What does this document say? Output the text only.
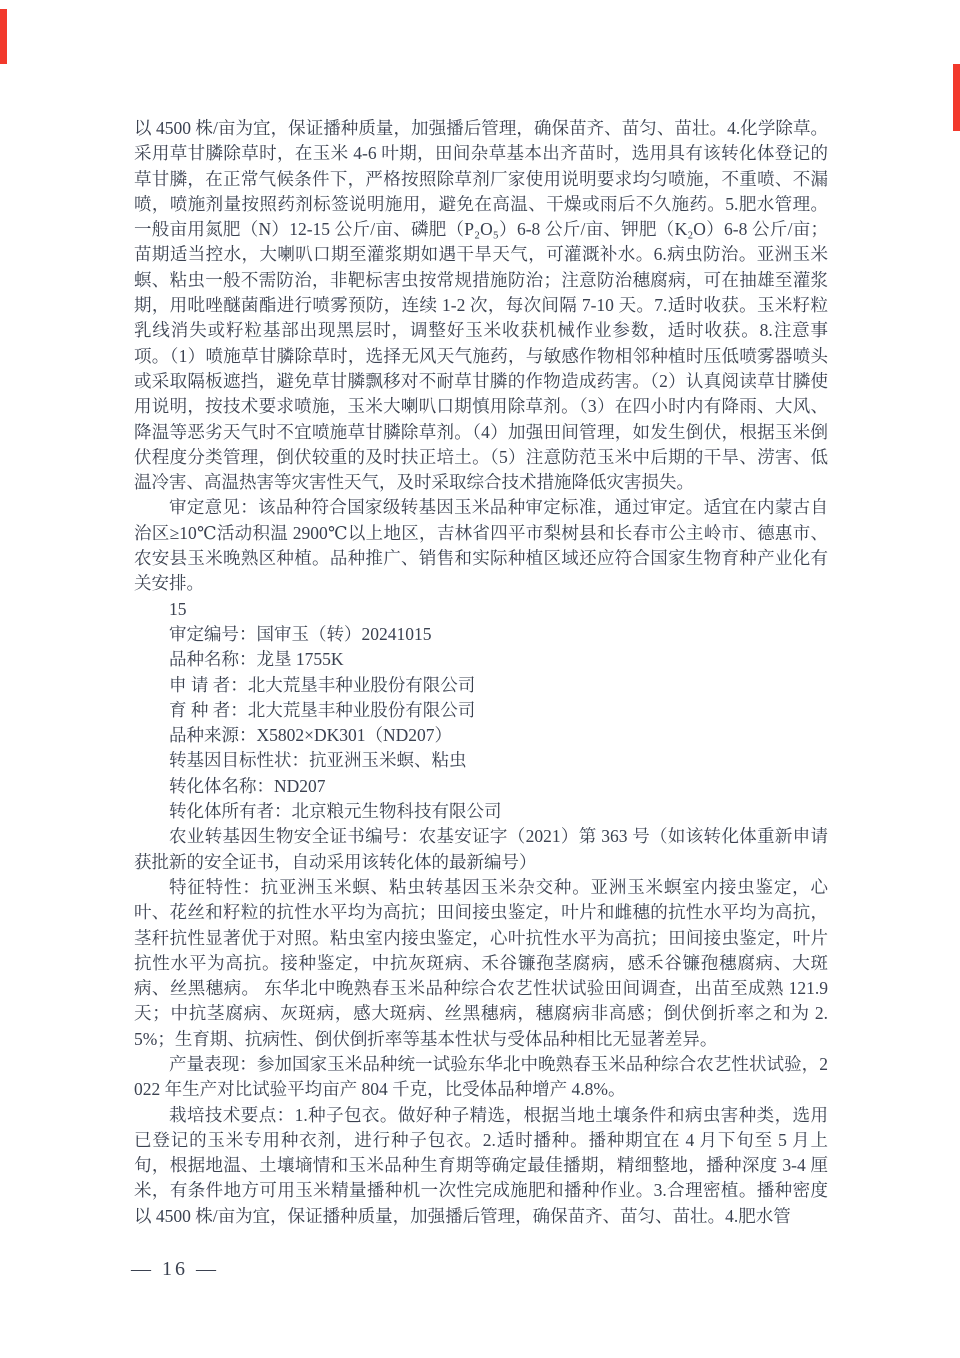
以 4500 株/亩为宜，保证播种质量，加强播后管理，确保苗齐、苗匀、苗壮。4.化学除草。采用草甘膦除草时，在玉米 4-6 叶期，田间杂草基本出齐苗时，选用具有该转化体登记的草甘膦，在正常气候条件下，严格按照除草剂厂家使用说明要求均匀喷施，不重喷、不漏喷，喷施剂量按照药剂标签说明施用，避免在高温、干燥或雨后不久施药。5.肥水管理。一般亩用氮肥（N）12-15 公斤/亩、磷肥（P₂O₅）6-8 公斤/亩、钾肥（K₂O）6-8 公斤/亩；苗期适当控水，大喇叭口期至灌浆期如遇干旱天气，可灌溉补水。6.病虫防治。亚洲玉米螟、粘虫一般不需防治，非靶标害虫按常规措施防治；注意防治穗腐病，可在抽雄至灌浆期，用吡唑醚菌酯进行喷雾预防，连续 1-2 次，每次间隔 7-10 天。7.适时收获。玉米籽粒乳线消失或籽粒基部出现黑层时，调整好玉米收获机械作业参数，适时收获。8.注意事项。（1）喷施草甘膦除草时，选择无风天气施药，与敏感作物相邻种植时压低喷雾器喷头或采取隔板遮挡，避免草甘膦飘移对不耐草甘膦的作物造成药害。（2）认真阅读草甘膦使用说明，按技术要求喷施，玉米大喇叭口期慎用除草剂。（3）在四小时内有降雨、大风、降温等恶劣天气时不宜喷施草甘膦除草剂。（4）加强田间管理，如发生倒伏，根据玉米倒伏程度分类管理，倒伏较重的及时扶正培土。（5）注意防范玉米中后期的干旱、涝害、低温冷害、高温热害等灾害性天气，及时采取综合技术措施降低灾害损失。

审定意见：该品种符合国家级转基因玉米品种审定标准，通过审定。适宜在内蒙古自治区≥10℃活动积温 2900℃以上地区，吉林省四平市梨树县和长春市公主岭市、德惠市、农安县玉米晚熟区种植。品种推广、销售和实际种植区域还应符合国家生物育种产业化有关安排。

15

审定编号：国审玉（转）20241015

品种名称：龙垦 1755K

申 请 者：北大荒垦丰种业股份有限公司

育 种 者：北大荒垦丰种业股份有限公司

品种来源：X5802×DK301（ND207）

转基因目标性状：抗亚洲玉米螟、粘虫

转化体名称：ND207

转化体所有者：北京粮元生物科技有限公司

农业转基因生物安全证书编号：农基安证字（2021）第 363 号（如该转化体重新申请获批新的安全证书，自动采用该转化体的最新编号）

特征特性：抗亚洲玉米螟、粘虫转基因玉米杂交种。亚洲玉米螟室内接虫鉴定，心叶、花丝和籽粒的抗性水平均为高抗；田间接虫鉴定，叶片和雌穗的抗性水平均为高抗，茎秆抗性显著优于对照。粘虫室内接虫鉴定，心叶抗性水平为高抗；田间接虫鉴定，叶片抗性水平为高抗。接种鉴定，中抗灰斑病、禾谷镰孢茎腐病，感禾谷镰孢穗腐病、大斑病、丝黑穗病。 东华北中晚熟春玉米品种综合农艺性状试验田间调查，出苗至成熟 121.9 天；中抗茎腐病、灰斑病，感大斑病、丝黑穗病，穗腐病非高感；倒伏倒折率之和为 2.5%；生育期、抗病性、倒伏倒折率等基本性状与受体品种相比无显著差异。

产量表现：参加国家玉米品种统一试验东华北中晚熟春玉米品种综合农艺性状试验，2022 年生产对比试验平均亩产 804 千克，比受体品种增产 4.8%。

栽培技术要点：1.种子包衣。做好种子精选，根据当地土壤条件和病虫害种类，选用已登记的玉米专用种衣剂，进行种子包衣。2.适时播种。播种期宜在 4 月下旬至 5 月上旬，根据地温、土壤墒情和玉米品种生育期等确定最佳播期，精细整地，播种深度 3-4 厘米，有条件地方可用玉米精量播种机一次性完成施肥和播种作业。3.合理密植。播种密度以 4500 株/亩为宜，保证播种质量，加强播后管理，确保苗齐、苗匀、苗壮。4.肥水管

— 16 —
